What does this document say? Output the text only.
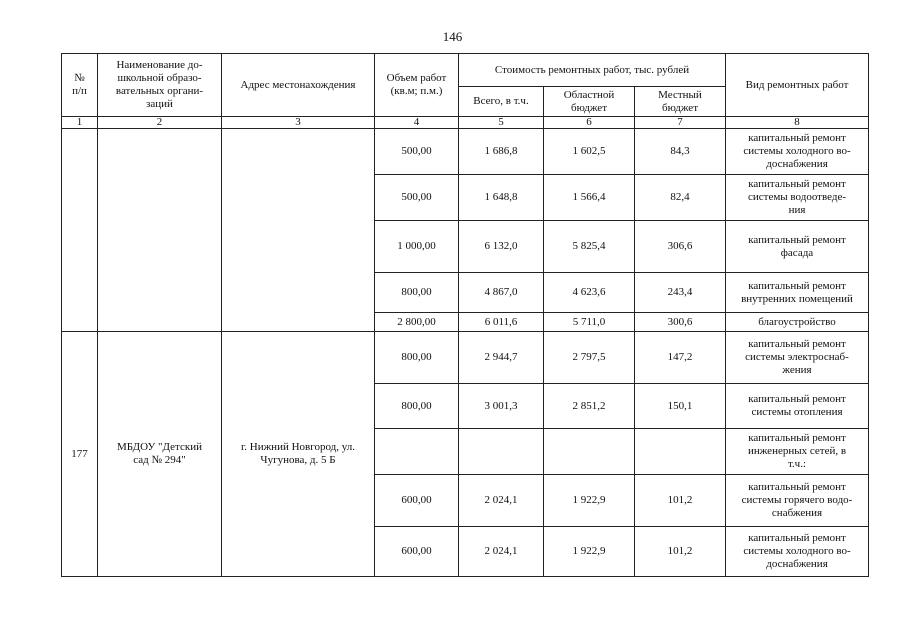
146
№
п/п	Наименование до-
школьной образо-
вательных органи-
заций	Адрес местонахождения	Объем работ
(кв.м; п.м.)	Стоимость ремонтных работ, тыс. рублей			Вид ремонтных работ
				Всего, в т.ч.	Областной
бюджет	Местный
бюджет	
1	2	3	4	5	6	7	8
			500,00	1 686,8	1 602,5	84,3	капитальный ремонт
системы холодного во-
доснабжения
			500,00	1 648,8	1 566,4	82,4	капитальный ремонт
системы водоотведе-
ния
			1 000,00	6 132,0	5 825,4	306,6	капитальный ремонт
фасада
			800,00	4 867,0	4 623,6	243,4	капитальный ремонт
внутренних помещений
			2 800,00	6 011,6	5 711,0	300,6	благоустройство
177	МБДОУ "Детский
сад № 294"	г. Нижний Новгород, ул.
Чугунова, д. 5 Б	800,00	2 944,7	2 797,5	147,2	капитальный ремонт
системы электроснаб-
жения
			800,00	3 001,3	2 851,2	150,1	капитальный ремонт
системы отопления
							капитальный ремонт
инженерных сетей, в
т.ч.:
			600,00	2 024,1	1 922,9	101,2	капитальный ремонт
системы горячего водо-
снабжения
			600,00	2 024,1	1 922,9	101,2	капитальный ремонт
системы холодного во-
доснабжения
